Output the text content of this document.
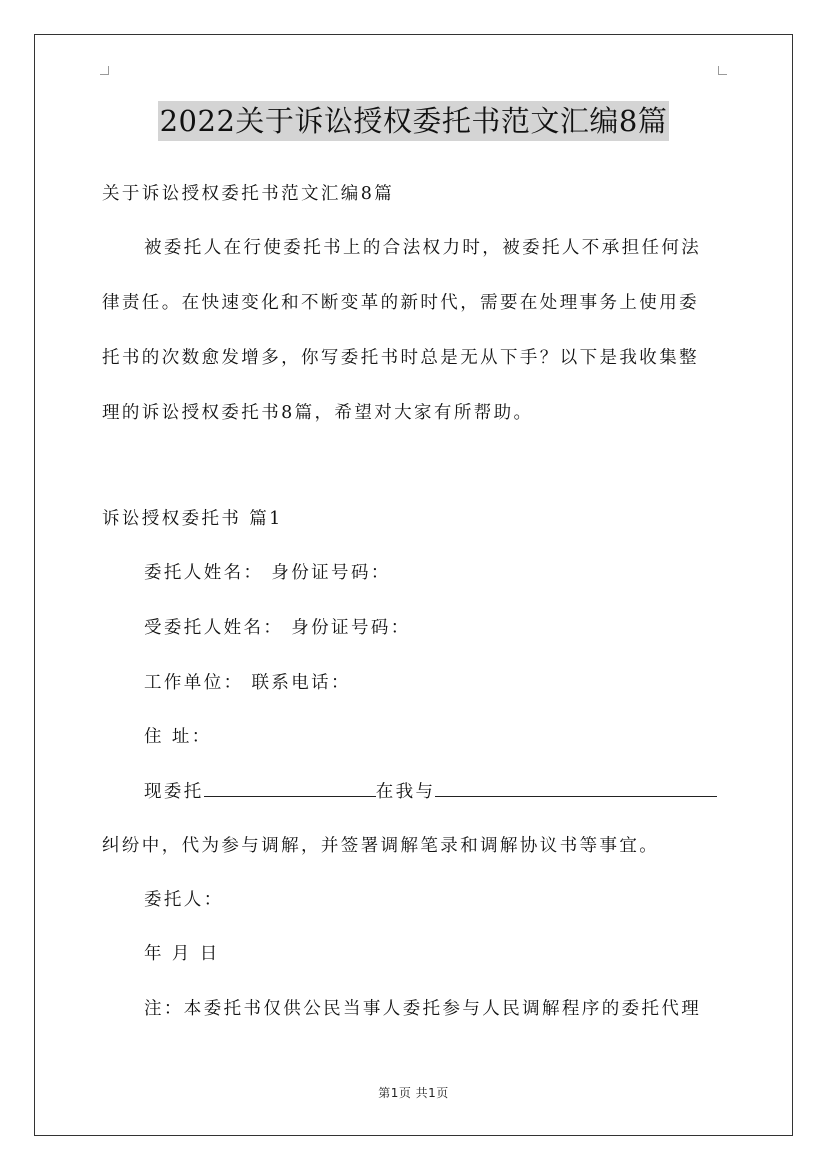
2022关于诉讼授权委托书范文汇编8篇
关于诉讼授权委托书范文汇编8篇
被委托人在行使委托书上的合法权力时，被委托人不承担任何法
律责任。在快速变化和不断变革的新时代，需要在处理事务上使用委
托书的次数愈发增多，你写委托书时总是无从下手？以下是我收集整
理的诉讼授权委托书8篇，希望对大家有所帮助。
诉讼授权委托书 篇1
委托人姓名： 身份证号码：
受委托人姓名： 身份证号码：
工作单位： 联系电话：
住 址：
现委托	在我与
纠纷中，代为参与调解，并签署调解笔录和调解协议书等事宜。
委托人：
年 月 日
注：本委托书仅供公民当事人委托参与人民调解程序的委托代理
第1页 共1页
